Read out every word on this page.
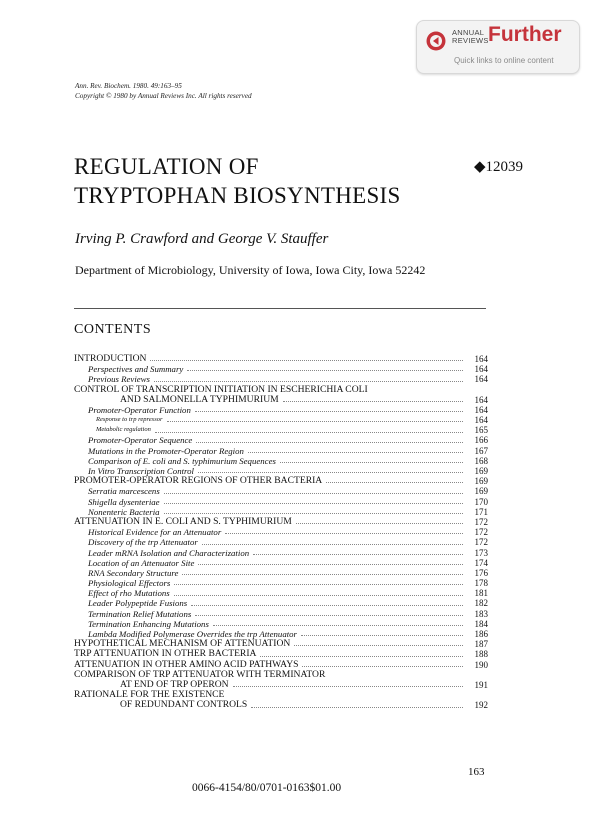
ANNUAL
REVIEWS Further
Quick links to online content
Ann. Rev. Biochem. 1980. 49:163–95
Copyright © 1980 by Annual Reviews Inc. All rights reserved
REGULATION OF
TRYPTOPHAN BIOSYNTHESIS
◆12039
Irving P. Crawford and George V. Stauffer
Department of Microbiology, University of Iowa, Iowa City, Iowa 52242
CONTENTS
INTRODUCTION	164
Perspectives and Summary	164
Previous Reviews	164
CONTROL OF TRANSCRIPTION INITIATION IN ESCHERICHIA COLI
AND SALMONELLA TYPHIMURIUM	164
Promoter-Operator Function	164
Response to trp repressor	164
Metabolic regulation	165
Promoter-Operator Sequence	166
Mutations in the Promoter-Operator Region	167
Comparison of E. coli and S. typhimurium Sequences	168
In Vitro Transcription Control	169
PROMOTER-OPERATOR REGIONS OF OTHER BACTERIA	169
Serratia marcescens	169
Shigella dysenteriae	170
Nonenteric Bacteria	171
ATTENUATION IN E. COLI AND S. TYPHIMURIUM	172
Historical Evidence for an Attenuator	172
Discovery of the trp Attenuator	172
Leader mRNA Isolation and Characterization	173
Location of an Attenuator Site	174
RNA Secondary Structure	176
Physiological Effectors	178
Effect of rho Mutations	181
Leader Polypeptide Fusions	182
Termination Relief Mutations	183
Termination Enhancing Mutations	184
Lambda Modified Polymerase Overrides the trp Attenuator	186
HYPOTHETICAL MECHANISM OF ATTENUATION	187
TRP ATTENUATION IN OTHER BACTERIA	188
ATTENUATION IN OTHER AMINO ACID PATHWAYS	190
COMPARISON OF TRP ATTENUATOR WITH TERMINATOR
AT END OF TRP OPERON	191
RATIONALE FOR THE EXISTENCE
OF REDUNDANT CONTROLS	192
163
0066-4154/80/0701-0163$01.00
